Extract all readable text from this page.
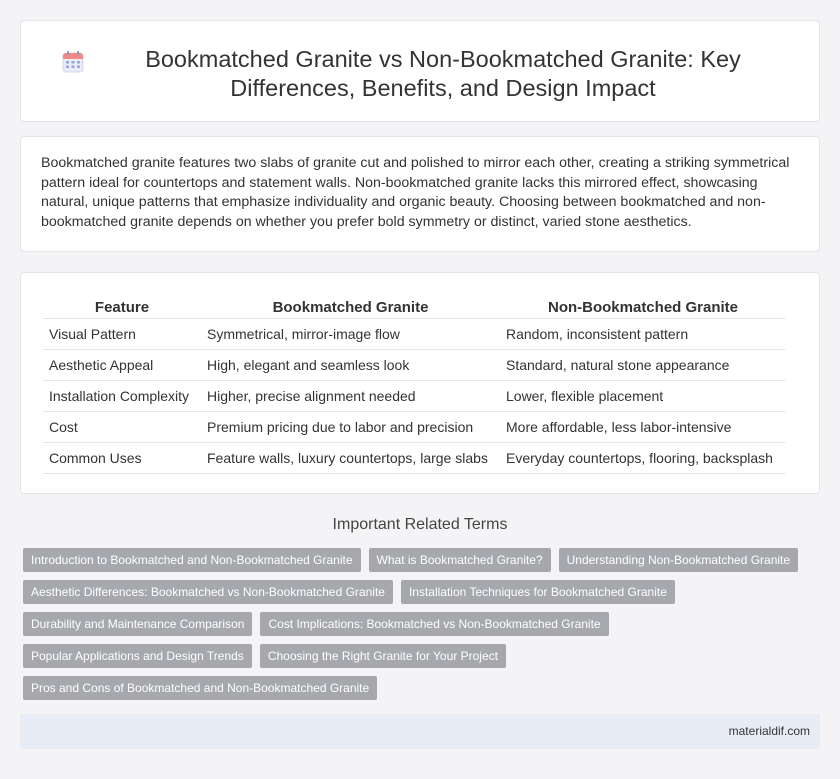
Bookmatched Granite vs Non-Bookmatched Granite: Key Differences, Benefits, and Design Impact

Bookmatched granite features two slabs of granite cut and polished to mirror each other, creating a striking symmetrical pattern ideal for countertops and statement walls. Non-bookmatched granite lacks this mirrored effect, showcasing natural, unique patterns that emphasize individuality and organic beauty. Choosing between bookmatched and non-bookmatched granite depends on whether you prefer bold symmetry or distinct, varied stone aesthetics.

Feature	Bookmatched Granite	Non-Bookmatched Granite
Visual Pattern	Symmetrical, mirror-image flow	Random, inconsistent pattern
Aesthetic Appeal	High, elegant and seamless look	Standard, natural stone appearance
Installation Complexity	Higher, precise alignment needed	Lower, flexible placement
Cost	Premium pricing due to labor and precision	More affordable, less labor-intensive
Common Uses	Feature walls, luxury countertops, large slabs	Everyday countertops, flooring, backsplash
Important Related Terms
Introduction to Bookmatched and Non-Bookmatched Granite	What is Bookmatched Granite?	Understanding Non-Bookmatched Granite
Aesthetic Differences: Bookmatched vs Non-Bookmatched Granite	Installation Techniques for Bookmatched Granite
Durability and Maintenance Comparison	Cost Implications: Bookmatched vs Non-Bookmatched Granite
Popular Applications and Design Trends	Choosing the Right Granite for Your Project
Pros and Cons of Bookmatched and Non-Bookmatched Granite
materialdif.com
